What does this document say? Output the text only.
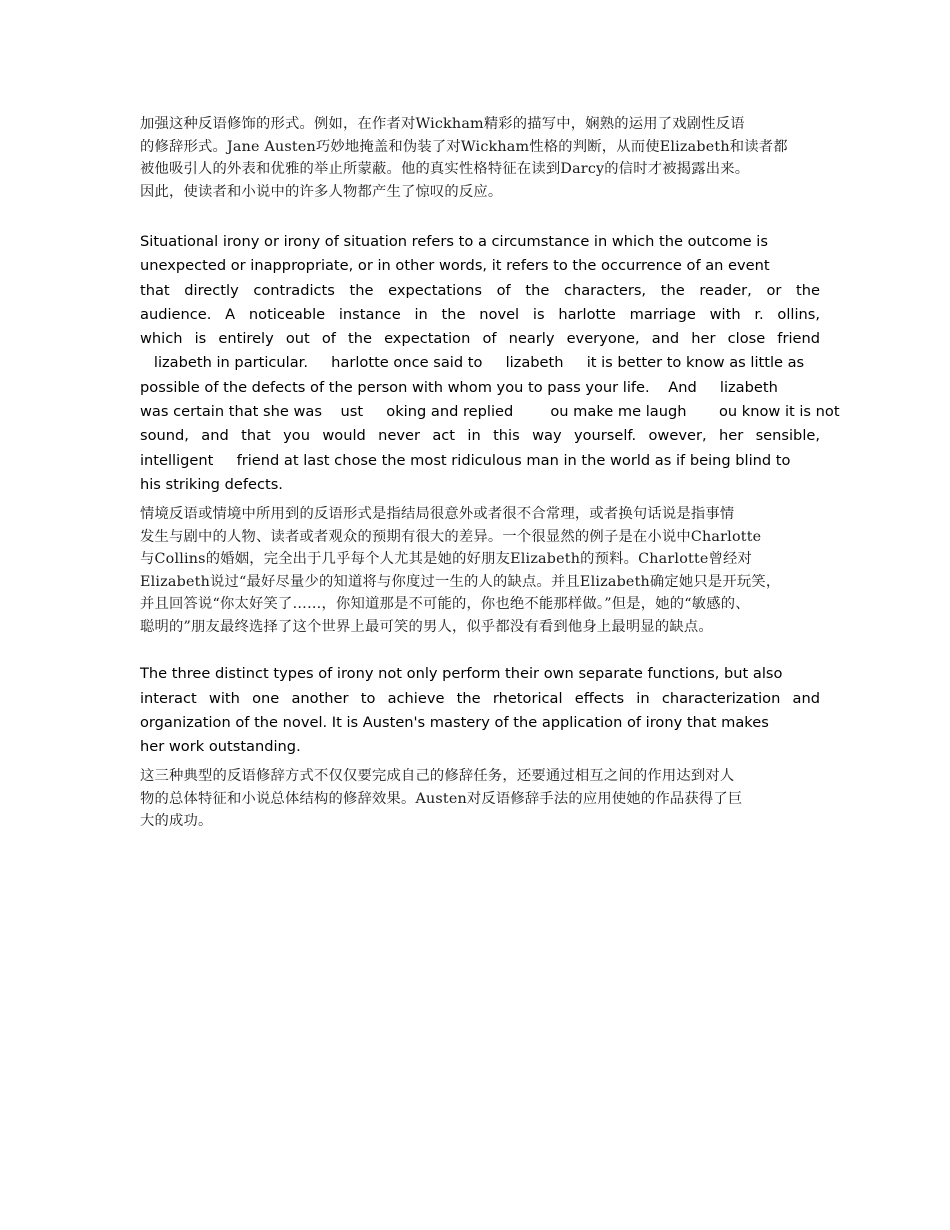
加强这种反语修饰的形式。例如，在作者对Wickham精彩的描写中，娴熟的运用了戏剧性反语
的修辞形式。Jane Austen巧妙地掩盖和伪装了对Wickham性格的判断，从而使Elizabeth和读者都
被他吸引人的外表和优雅的举止所蒙蔽。他的真实性格特征在读到Darcy的信时才被揭露出来。
因此，使读者和小说中的许多人物都产生了惊叹的反应。

Situational irony or irony of situation refers to a circumstance in which the outcome is
unexpected or inappropriate, or in other words, it refers to the occurrence of an event
that directly contradicts the expectations of the characters, the reader, or the
audience. A noticeable instance in the novel is harlotte marriage with r. ollins,
which is entirely out of the expectation of nearly everyone, and her close friend
lizabeth in particular.     harlotte once said to     lizabeth     it is better to know as little as
possible of the defects of the person with whom you to pass your life.    And     lizabeth
was certain that she was    ust     oking and replied        ou make me laugh       ou know it is not
sound, and that you would never act in this way yourself. owever, her sensible,
intelligent     friend at last chose the most ridiculous man in the world as if being blind to
his striking defects.

情境反语或情境中所用到的反语形式是指结局很意外或者很不合常理，或者换句话说是指事情
发生与剧中的人物、读者或者观众的预期有很大的差异。一个很显然的例子是在小说中Charlotte
与Collins的婚姻，完全出于几乎每个人尤其是她的好朋友Elizabeth的预料。Charlotte曾经对
Elizabeth说过“最好尽量少的知道将与你度过一生的人的缺点。并且Elizabeth确定她只是开玩笑，
并且回答说“你太好笑了……，你知道那是不可能的，你也绝不能那样做。”但是，她的“敏感的、
聪明的”朋友最终选择了这个世界上最可笑的男人，似乎都没有看到他身上最明显的缺点。

The three distinct types of irony not only perform their own separate functions, but also
interact with one another to achieve the rhetorical effects in characterization and
organization of the novel. It is Austen's mastery of the application of irony that makes
her work outstanding.

这三种典型的反语修辞方式不仅仅要完成自己的修辞任务，还要通过相互之间的作用达到对人
物的总体特征和小说总体结构的修辞效果。Austen对反语修辞手法的应用使她的作品获得了巨
大的成功。
